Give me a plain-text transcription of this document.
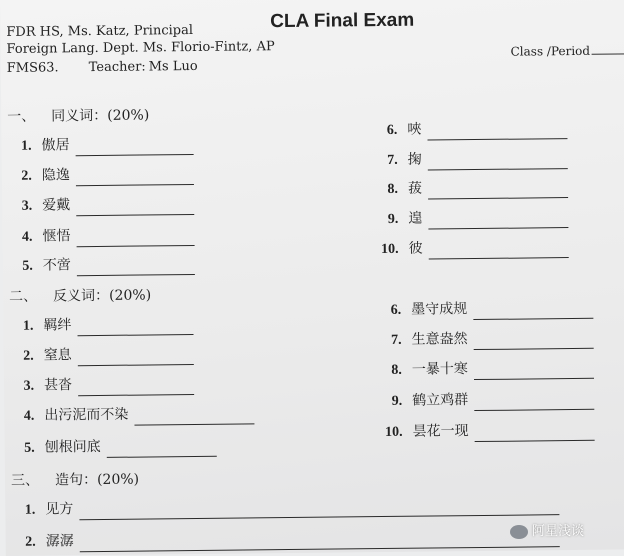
FDR HS, Ms. Katz, Principal
Foreign Lang. Dept. Ms. Florio-Fintz, AP
FMS63. Teacher: Ms Luo
CLA Final Exam
Class /Period
一、 同义词：(20%)
1. 傲居
2. 隐逸
3. 爱戴
4. 惬悟
5. 不啻
6. 唊
7. 掬
8. 菝
9. 遑
10. 彼
二、 反义词：(20%)
1. 羁绊
2. 窒息
3. 甚沓
4. 出污泥而不染
5. 刨根问底
6. 墨守成规
7. 生意盎然
8. 一暴十寒
9. 鹤立鸡群
10. 昙花一现
三、 造句：(20%)
1. 见方
2. 潺潺
阿星浅谈
